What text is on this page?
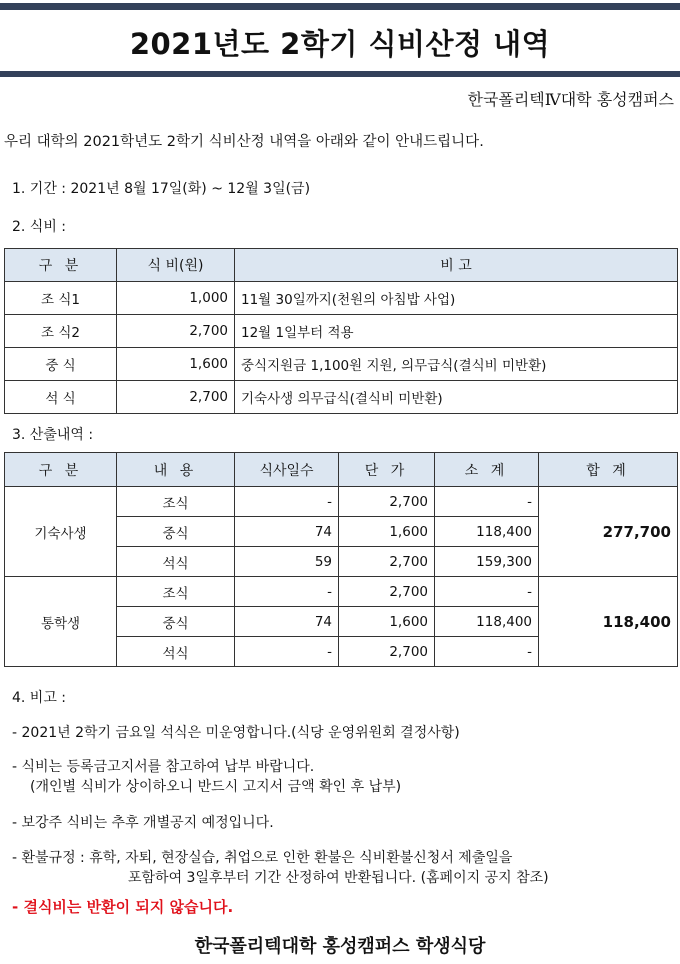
2021년도 2학기 식비산정 내역
한국폴리텍Ⅳ대학 홍성캠퍼스
우리 대학의 2021학년도 2학기 식비산정 내역을 아래와 같이 안내드립니다.
1. 기간 : 2021년 8월 17일(화) ~ 12월 3일(금)
2. 식비 :
구 분	식 비(원)	비 고
조 식1	1,000	11월 30일까지(천원의 아침밥 사업)
조 식2	2,700	12월 1일부터 적용
중 식	1,600	중식지원금 1,100원 지원, 의무급식(결식비 미반환)
석 식	2,700	기숙사생 의무급식(결식비 미반환)
3. 산출내역 :
구 분	내 용	식사일수	단 가	소 계	합 계
기숙사생	조식	-	2,700	-	277,700
	중식	74	1,600	118,400	
	석식	59	2,700	159,300	
통학생	조식	-	2,700	-	118,400
	중식	74	1,600	118,400	
	석식	-	2,700	-	
4. 비고 :
- 2021년 2학기 금요일 석식은 미운영합니다.(식당 운영위원회 결정사항)
- 식비는 등록금고지서를 참고하여 납부 바랍니다.
(개인별 식비가 상이하오니 반드시 고지서 금액 확인 후 납부)
- 보강주 식비는 추후 개별공지 예정입니다.
- 환불규정 : 휴학, 자퇴, 현장실습, 취업으로 인한 환불은 식비환불신청서 제출일을
포함하여 3일후부터 기간 산정하여 반환됩니다. (홈페이지 공지 참조)
- 결식비는 반환이 되지 않습니다.
한국폴리텍대학 홍성캠퍼스 학생식당
